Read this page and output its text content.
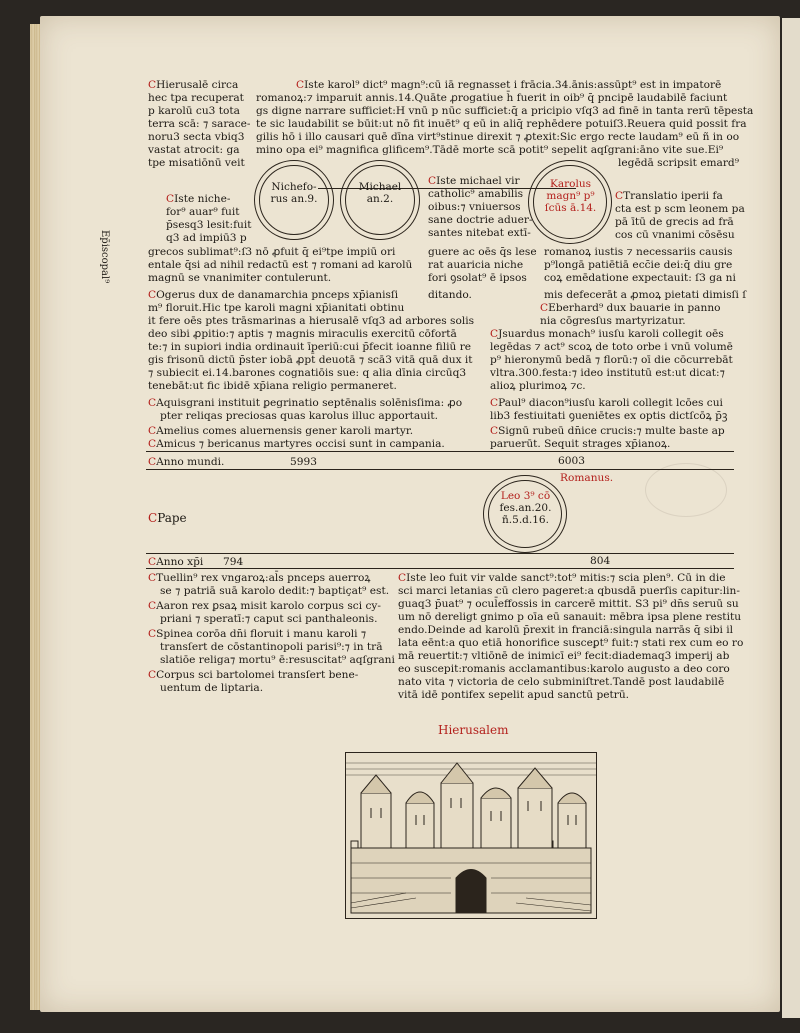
CHierusalē circa
hec tpa recuperat
p karolū cu3 tota
terra scā: ⁊ sarace-
noru3 secta vbiq3
vastat atrocit: ga
tpe misatiōnū veit
CIste karol⁹ dict⁹ magn⁹:cū iā regnasset i frācia.34.ānis:assūpt⁹ est in impatorē
romanoꝝ:⁊ imparuit annis.14.Quāte ꝓrogatiue h̄ fuerit in oib⁹ q̄ pncipē laudabilē faciunt
gs digne narrare sufficiet:H vnū p nūc sufficiet:q̄ a pricipio vſq3 ad finē in tanta rerū tēpesta
te sic laudabilit se būit:ut nō fit inuēt⁹ q eū in aliq̄ rephēdere potuiſ3.Reuera quid possit fra
gilis hō i illo causari quē dīna virt⁹stinue direxit ⁊ ꝓtexit:Sic ergo recte laudam⁹ eū ñ in oo
mino opa ei⁹ magnifica glificem⁹.Tādē morte scā potit⁹ sepelit aqſgrani:āno vite sue.Ei⁹
legēdā scripsit emard⁹
Ep̄iscopal⁹
Nichefo-
rus an.9.
Michael
an.2.
Karolus
magn⁹ p⁹
ſcūs ā.14.
CIste niche-
for⁹ auar⁹ fuit
p̄sesq3 lesit:fuit
q3 ad impiū3 p
CIste michael vir
catholic⁹ amabilis
oibus:⁊ vniuersos
sane doctrie aduer-
santes nitebat extī-
guere ac oēs q̄s lese
rat auaricia niche
fori ꝯsolat⁹ ē ipsos
ditando.
CTranslatio iperii fa
cta est p scm leonem pa
pā ītū de grecis ad frā
cos cū vnanimi cōsēsu
romanoꝝ iustis ⁊ necessariis causis
p⁹longā patiētiā ecc̄ie dei:q̄ diu gre
coꝝ emēdatione expectauit: ſ3 ga ni
mis defecerāt a ꝓmoꝝ pietati dimisſi ſ
grecos sublimat⁹:ſ3 nō ꝓfuit q̄ ei⁹tpe impiū ori
entale q̄si ad nihil redactū est ⁊ romani ad karolū
magnū se vnanimiter contulerunt.
COgerus dux de danamarchia pnceps xp̄ianisſi
m⁹ floruit.Hic tpe karoli magni xp̄ianitati obtinu
it fere oēs ptes trāsmarinas a hierusalē vſq3 ad arbores solis
deo sibi ꝓpitio:⁊ aptis ⁊ magnis miraculis exercitū cōfortā
te:⁊ in supiori india ordinauit īperiū:cui p̄fecit ioanne filiū re
gis frisonū dictū p̄ster iobā ꝓpt̄ deuotā ⁊ scā3 vitā quā dux it
⁊ subiecit ei.14.barones cognatiōis sue: q alia dīnia circūq3
tenebāt:ut fic ibidē xp̄iana religio permaneret.
CAquisgrani instituit ꝑegrinatio septēnalis solēnisſima: ꝓo
pter reliqas preciosas quas karolus illuc apportauit.
CAmelius comes aluernensis gener karoli martyr.
CAmicus ⁊ bericanus martyres occisi sunt in campania.
CEberhard⁹ dux bauarie in panno
nia cōgresſus martyrizatur.
CJsuardus monach⁹ iusſu karoli collegit oēs
legēdas ⁊ act⁹ scoꝝ de toto orbe i vnū volumē
p⁹ hieronymū bedā ⁊ florū:⁊ oī die cōcurrebāt
vltra.300.festa:⁊ ideo institutū est:ut dicat:⁊
alioꝝ plurimoꝝ ⁊c.
CPaul⁹ diacon⁹iusſu karoli collegit lcōes cui
lib3 festiuitati ꝯueniētes ex optis dictſcōꝝ p̄ꝫ
CSignū rubeū dn̄ice crucis:⁊ multe baste ap
paruerūt. Sequit strages xp̄ianoꝝ.
CAnno mundi.	5993	6003
Romanus.
Leo 3⁹ cō
fes.an.20.
ñ.5.d.16.
CPape
CAnno xp̄i 794	804
CTuellin⁹ rex vngaroꝝ:al̄s pnceps auerroꝝ
se ⁊ patriā suā karolo dedit:⁊ baptiçat⁹ est.
CAaron rex ꝑsaꝝ misit karolo corpus sci cy-
priani ⁊ speratī:⁊ caput sci panthaleonis.
CSpinea corōa dn̄i floruit i manu karoli ⁊
transſert de cōstantinopoli parisi⁹:⁊ in trā
slatiōe religa⁊ mortu⁹ ē:resuscitat⁹ aqſgrani
CCorpus sci bartolomei transſert bene-
uentum de liptaria.
CIste leo fuit vir valde sanct⁹:tot⁹ mitis:⁊ scia plen⁹. Cū in die
sci marci letanias cū clero pageret:a qbusdā puerſis capitur:lin-
guaq3 p̄uat⁹ ⁊ ocul̄effossis in carcerē mittit. S3 pi⁹ dn̄s seruū su
um nō dereligt gnimo p oīa eū sanauit: mēbra ipsa plene restitu
endo.Deinde ad karolū p̄rexit in franciā:singula narrās q̄ sibi il
lata eēnt:a quo etiā honorifice susceꝑt⁹ fuit:⁊ stati rex cum eo ro
mā reuertit:⁊ vltiōnē de inimicī ei⁹ fecit:diademaq3 imperij ab
eo suscepit:romanis acclamantibus:karolo augusto a deo coro
nato vita ⁊ victoria de celo subminiſtret.Tandē post laudabilē
vitā idē pontifex sepelit apud sanctū petrū.
Hierusalem
